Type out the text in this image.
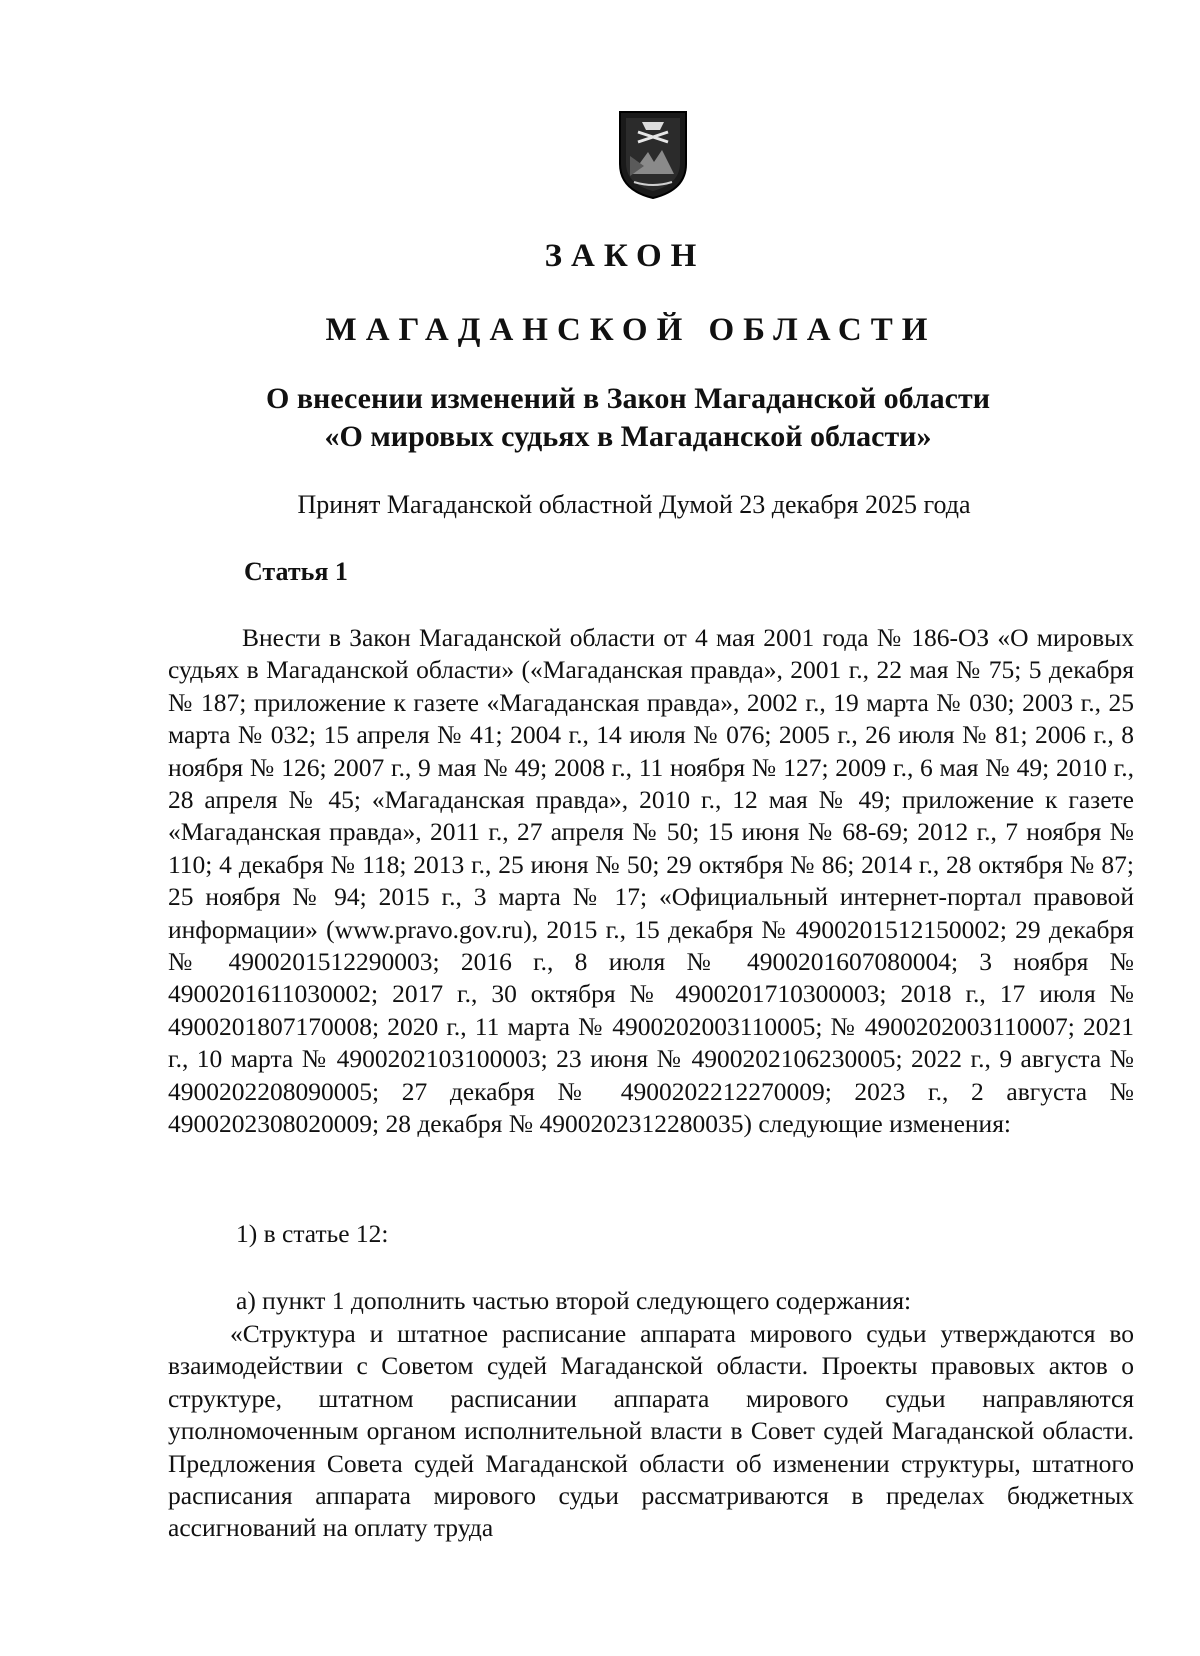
ЗАКОН
МАГАДАНСКОЙ ОБЛАСТИ
О внесении изменений в Закон Магаданской области
«О мировых судьях в Магаданской области»
Принят Магаданской областной Думой 23 декабря 2025 года
Статья 1
Внести в Закон Магаданской области от 4 мая 2001 года № 186-ОЗ «О мировых судьях в Магаданской области» («Магаданская правда», 2001 г., 22 мая № 75; 5 декабря № 187; приложение к газете «Магаданская правда», 2002 г., 19 марта № 030; 2003 г., 25 марта № 032; 15 апреля № 41; 2004 г., 14 июля № 076; 2005 г., 26 июля № 81; 2006 г., 8 ноября № 126; 2007 г., 9 мая № 49; 2008 г., 11 ноября № 127; 2009 г., 6 мая № 49; 2010 г., 28 апреля № 45; «Магаданская правда», 2010 г., 12 мая № 49; приложение к газете «Магаданская правда», 2011 г., 27 апреля № 50; 15 июня № 68-69; 2012 г., 7 ноября № 110; 4 декабря № 118; 2013 г., 25 июня № 50; 29 октября № 86; 2014 г., 28 октября № 87; 25 ноября № 94; 2015 г., 3 марта № 17; «Официальный интернет-портал правовой информации» (www.pravo.gov.ru), 2015 г., 15 декабря № 4900201512150002; 29 декабря № 4900201512290003; 2016 г., 8 июля № 4900201607080004; 3 ноября № 4900201611030002; 2017 г., 30 октября № 4900201710300003; 2018 г., 17 июля № 4900201807170008; 2020 г., 11 марта № 4900202003110005; № 4900202003110007; 2021 г., 10 марта № 4900202103100003; 23 июня № 4900202106230005; 2022 г., 9 августа № 4900202208090005; 27 декабря № 4900202212270009; 2023 г., 2 августа № 4900202308020009; 28 декабря № 4900202312280035) следующие изменения:
1) в статье 12:
а) пункт 1 дополнить частью второй следующего содержания:
«Структура и штатное расписание аппарата мирового судьи утверждаются во взаимодействии с Советом судей Магаданской области. Проекты правовых актов о структуре, штатном расписании аппарата мирового судьи направляются уполномоченным органом исполнительной власти в Совет судей Магаданской области. Предложения Совета судей Магаданской области об изменении структуры, штатного расписания аппарата мирового судьи рассматриваются в пределах бюджетных ассигнований на оплату труда
